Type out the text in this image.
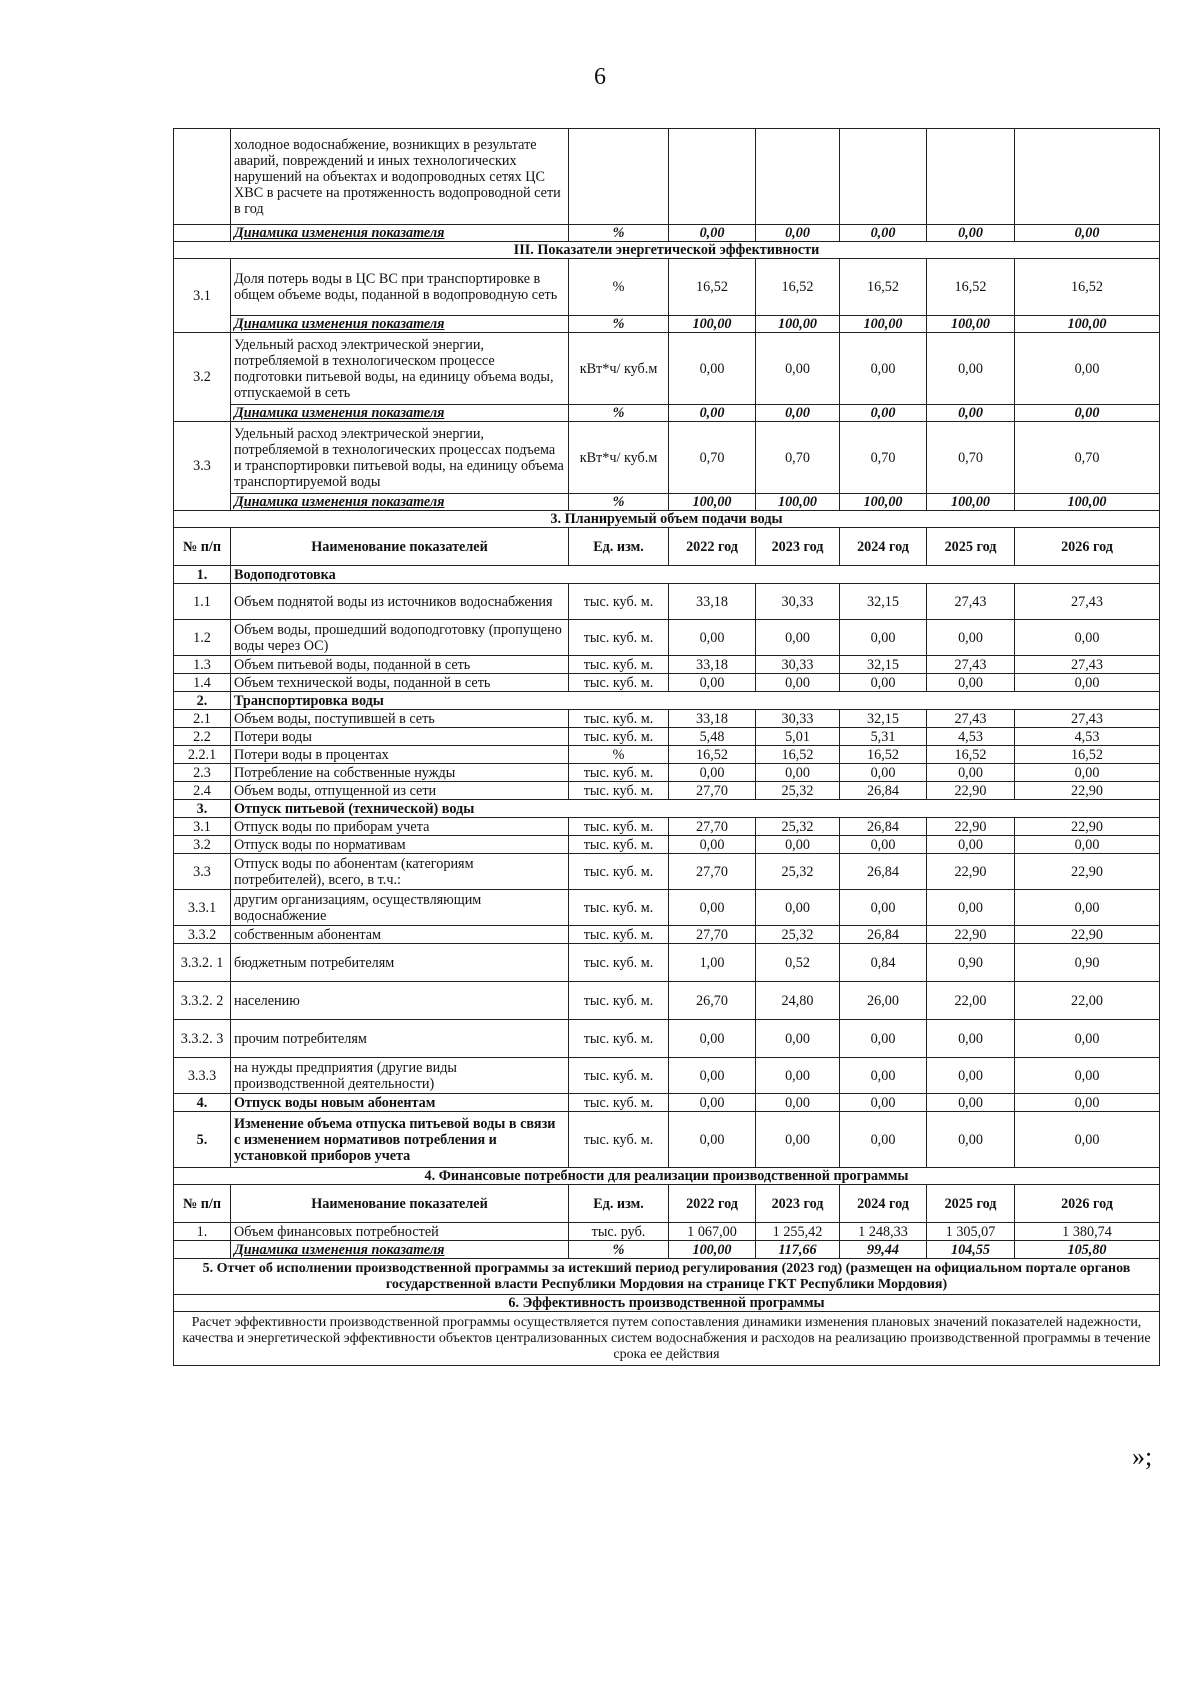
6
	холодное водоснабжение, возникщих в результате аварий, повреждений и иных технологических нарушений на объектах и водопроводных сетях ЦС ХВС в расчете на протяженность водопроводной сети в год						
	Динамика изменения показателя	%	0,00	0,00	0,00	0,00	0,00
III. Показатели энергетической эффективности							
3.1	Доля потерь воды в ЦС ВС при транспортировке в общем объеме воды, поданной в водопроводную сеть	%	16,52	16,52	16,52	16,52	16,52
	Динамика изменения показателя	%	100,00	100,00	100,00	100,00	100,00
3.2	Удельный расход электрической энергии, потребляемой в технологическом процессе подготовки питьевой воды, на единицу объема воды, отпускаемой в сеть	кВт*ч/ куб.м	0,00	0,00	0,00	0,00	0,00
	Динамика изменения показателя	%	0,00	0,00	0,00	0,00	0,00
3.3	Удельный расход электрической энергии, потребляемой в технологических процессах подъема и транспортировки питьевой воды, на единицу объема транспортируемой воды	кВт*ч/ куб.м	0,70	0,70	0,70	0,70	0,70
	Динамика изменения показателя	%	100,00	100,00	100,00	100,00	100,00
3. Планируемый объем подачи воды							
№ п/п	Наименование показателей	Ед. изм.	2022 год	2023 год	2024 год	2025 год	2026 год
1.	Водоподготовка						
1.1	Объем поднятой воды из источников водоснабжения	тыс. куб. м.	33,18	30,33	32,15	27,43	27,43
1.2	Объем воды, прошедший водоподготовку (пропущено воды через ОС)	тыс. куб. м.	0,00	0,00	0,00	0,00	0,00
1.3	Объем питьевой воды, поданной в сеть	тыс. куб. м.	33,18	30,33	32,15	27,43	27,43
1.4	Объем технической воды, поданной в сеть	тыс. куб. м.	0,00	0,00	0,00	0,00	0,00
2.	Транспортировка воды						
2.1	Объем воды, поступившей в сеть	тыс. куб. м.	33,18	30,33	32,15	27,43	27,43
2.2	Потери воды	тыс. куб. м.	5,48	5,01	5,31	4,53	4,53
2.2.1	Потери воды в процентах	%	16,52	16,52	16,52	16,52	16,52
2.3	Потребление на собственные нужды	тыс. куб. м.	0,00	0,00	0,00	0,00	0,00
2.4	Объем воды, отпущенной из сети	тыс. куб. м.	27,70	25,32	26,84	22,90	22,90
3.	Отпуск питьевой (технической) воды						
3.1	Отпуск воды по приборам учета	тыс. куб. м.	27,70	25,32	26,84	22,90	22,90
3.2	Отпуск воды по нормативам	тыс. куб. м.	0,00	0,00	0,00	0,00	0,00
3.3	Отпуск воды по абонентам (категориям потребителей), всего, в т.ч.:	тыс. куб. м.	27,70	25,32	26,84	22,90	22,90
3.3.1	другим организациям, осуществляющим водоснабжение	тыс. куб. м.	0,00	0,00	0,00	0,00	0,00
3.3.2	собственным абонентам	тыс. куб. м.	27,70	25,32	26,84	22,90	22,90
3.3.2. 1	бюджетным потребителям	тыс. куб. м.	1,00	0,52	0,84	0,90	0,90
3.3.2. 2	населению	тыс. куб. м.	26,70	24,80	26,00	22,00	22,00
3.3.2. 3	прочим потребителям	тыс. куб. м.	0,00	0,00	0,00	0,00	0,00
3.3.3	на нужды предприятия (другие виды производственной деятельности)	тыс. куб. м.	0,00	0,00	0,00	0,00	0,00
4.	Отпуск воды новым абонентам	тыс. куб. м.	0,00	0,00	0,00	0,00	0,00
5.	Изменение объема отпуска питьевой воды в связи с изменением нормативов потребления и установкой приборов учета	тыс. куб. м.	0,00	0,00	0,00	0,00	0,00
4. Финансовые потребности для реализации производственной программы							
№ п/п	Наименование показателей	Ед. изм.	2022 год	2023 год	2024 год	2025 год	2026 год
1.	Объем финансовых потребностей	тыс. руб.	1 067,00	1 255,42	1 248,33	1 305,07	1 380,74
	Динамика изменения показателя	%	100,00	117,66	99,44	104,55	105,80
5. Отчет об исполнении производственной программы за истекший период регулирования (2023 год) (размещен на официальном портале органов государственной власти Республики Мордовия на странице ГКТ Республики Мордовия)							
6. Эффективность производственной программы							
Расчет эффективности производственной программы осуществляется путем сопоставления динамики изменения плановых значений показателей надежности, качества и энергетической эффективности объектов централизованных систем водоснабжения и расходов на реализацию производственной программы в течение срока ее действия							
»;
